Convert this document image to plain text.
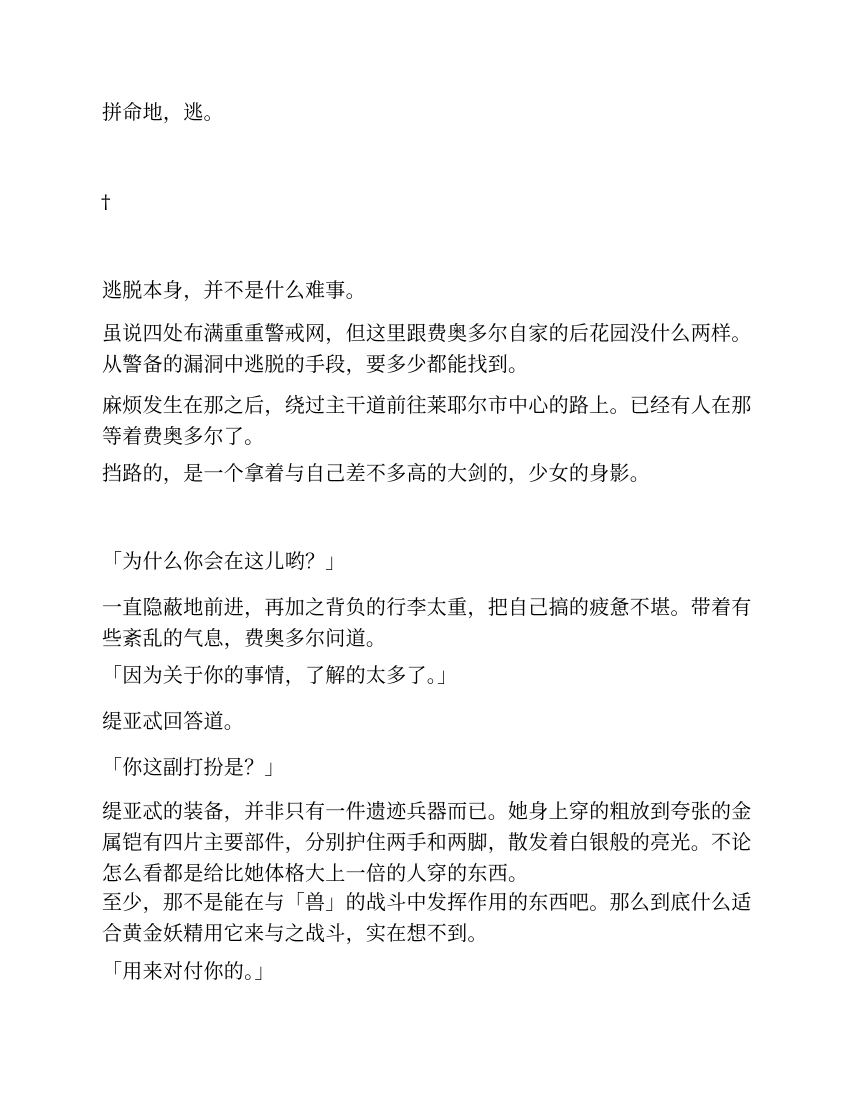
拼命地，逃。

†

逃脱本身，并不是什么难事。

虽说四处布满重重警戒网，但这里跟费奥多尔自家的后花园没什么两样。从警备的漏洞中逃脱的手段，要多少都能找到。

麻烦发生在那之后，绕过主干道前往莱耶尔市中心的路上。已经有人在那等着费奥多尔了。

挡路的，是一个拿着与自己差不多高的大剑的，少女的身影。

「为什么你会在这儿哟？」

一直隐蔽地前进，再加之背负的行李太重，把自己搞的疲惫不堪。带着有些紊乱的气息，费奥多尔问道。

「因为关于你的事情，了解的太多了。」

缇亚忒回答道。

「你这副打扮是？」

缇亚忒的装备，并非只有一件遗迹兵器而已。她身上穿的粗放到夸张的金属铠有四片主要部件，分别护住两手和两脚，散发着白银般的亮光。不论怎么看都是给比她体格大上一倍的人穿的东西。

至少，那不是能在与「兽」的战斗中发挥作用的东西吧。那么到底什么适合黄金妖精用它来与之战斗，实在想不到。

「用来对付你的。」
